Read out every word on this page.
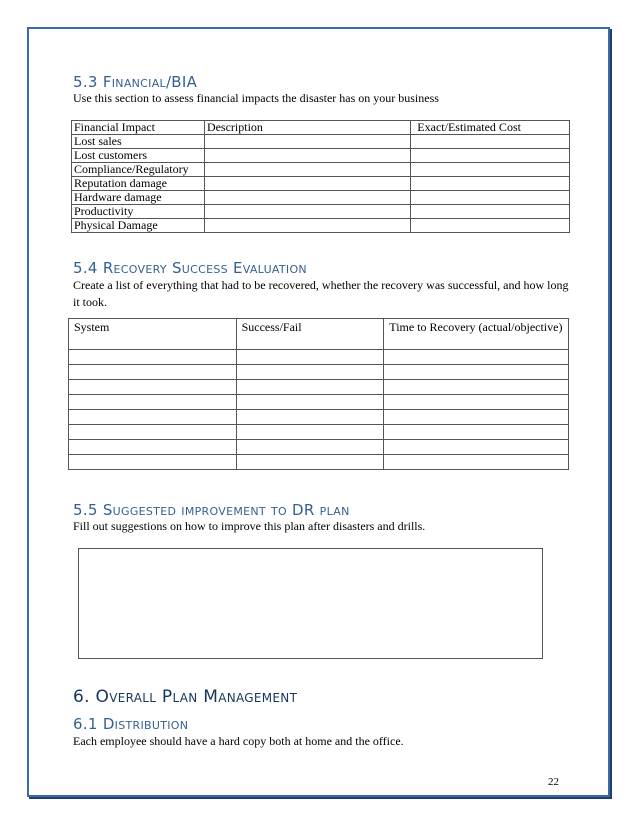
5.3 Financial/BIA
Use this section to assess financial impacts the disaster has on your business
Financial Impact	Description	Exact/Estimated Cost
Lost sales		
Lost customers		
Compliance/Regulatory		
Reputation damage		
Hardware damage		
Productivity		
Physical Damage		
5.4 Recovery Success Evaluation
Create a list of everything that had to be recovered, whether the recovery was successful, and how long it took.
System	Success/Fail	Time to Recovery (actual/objective)

5.5 Suggested improvement to DR plan
Fill out suggestions on how to improve this plan after disasters and drills.
6. Overall Plan Management
6.1 Distribution
Each employee should have a hard copy both at home and the office.
22
